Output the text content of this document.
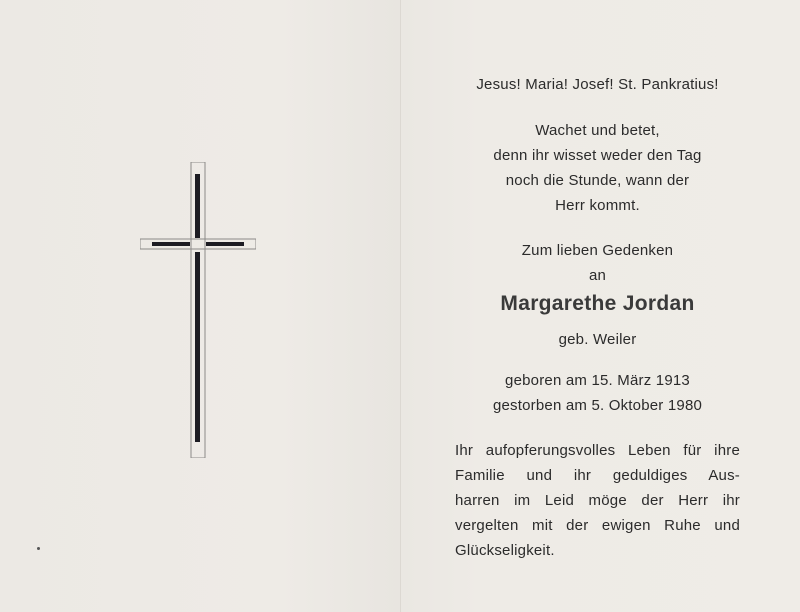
Jesus! Maria! Josef! St. Pankratius!
Wachet und betet,
denn ihr wisset weder den Tag
noch die Stunde, wann der
Herr kommt.
Zum lieben Gedenken
an
Margarethe Jordan
geb. Weiler
geboren am 15. März 1913
gestorben am 5. Oktober 1980
Ihr aufopferungsvolles Leben für ihre
Familie und ihr geduldiges Aus-
harren im Leid möge der Herr ihr
vergelten mit der ewigen Ruhe und
Glückseligkeit.
